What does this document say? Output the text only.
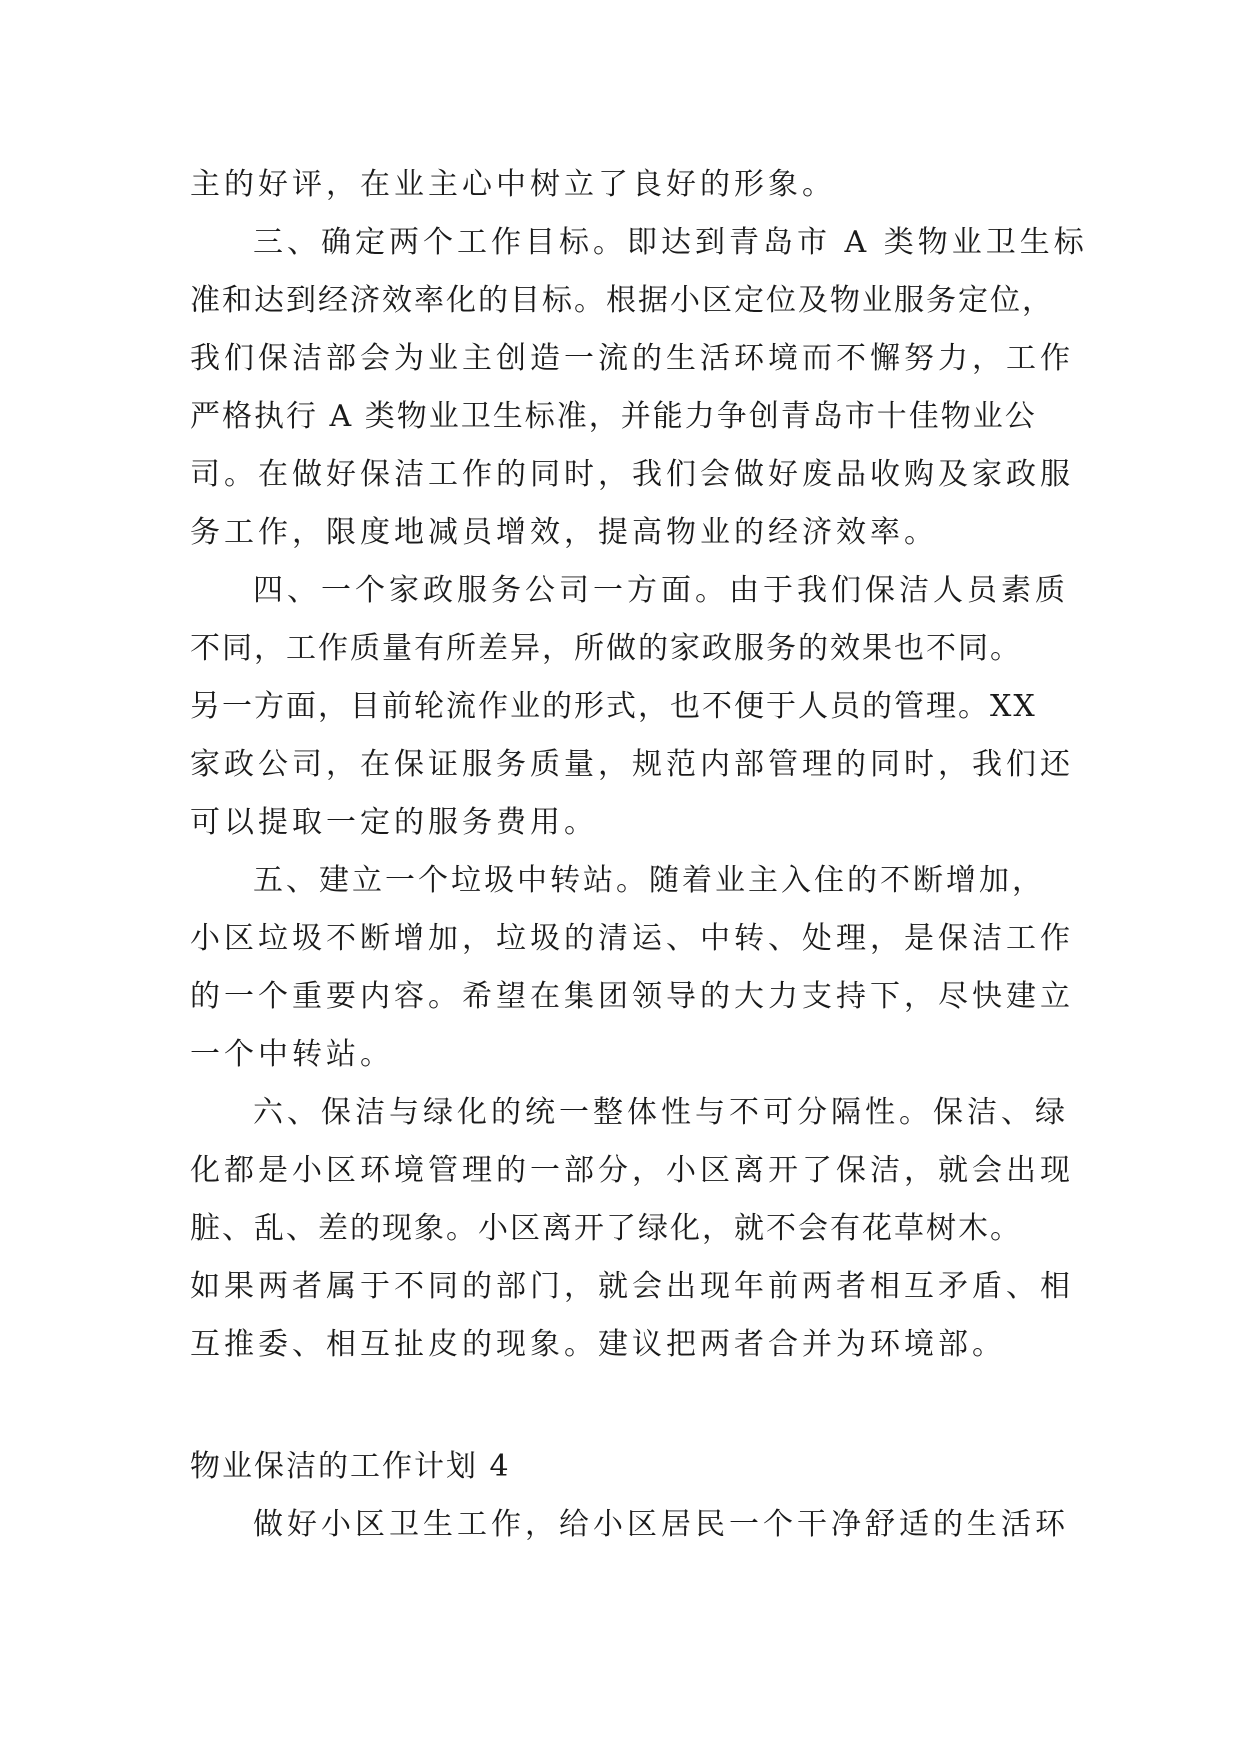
主的好评，在业主心中树立了良好的形象。
三、确定两个工作目标。即达到青岛市 A 类物业卫生标
准和达到经济效率化的目标。根据小区定位及物业服务定位，
我们保洁部会为业主创造一流的生活环境而不懈努力，工作
严格执行 A 类物业卫生标准，并能力争创青岛市十佳物业公
司。在做好保洁工作的同时，我们会做好废品收购及家政服
务工作，限度地减员增效，提高物业的经济效率。
四、一个家政服务公司一方面。由于我们保洁人员素质
不同，工作质量有所差异，所做的家政服务的效果也不同。
另一方面，目前轮流作业的形式，也不便于人员的管理。XX
家政公司，在保证服务质量，规范内部管理的同时，我们还
可以提取一定的服务费用。
五、建立一个垃圾中转站。随着业主入住的不断增加，
小区垃圾不断增加，垃圾的清运、中转、处理，是保洁工作
的一个重要内容。希望在集团领导的大力支持下，尽快建立
一个中转站。
六、保洁与绿化的统一整体性与不可分隔性。保洁、绿
化都是小区环境管理的一部分，小区离开了保洁，就会出现
脏、乱、差的现象。小区离开了绿化，就不会有花草树木。
如果两者属于不同的部门，就会出现年前两者相互矛盾、相
互推委、相互扯皮的现象。建议把两者合并为环境部。
物业保洁的工作计划 4
做好小区卫生工作，给小区居民一个干净舒适的生活环
